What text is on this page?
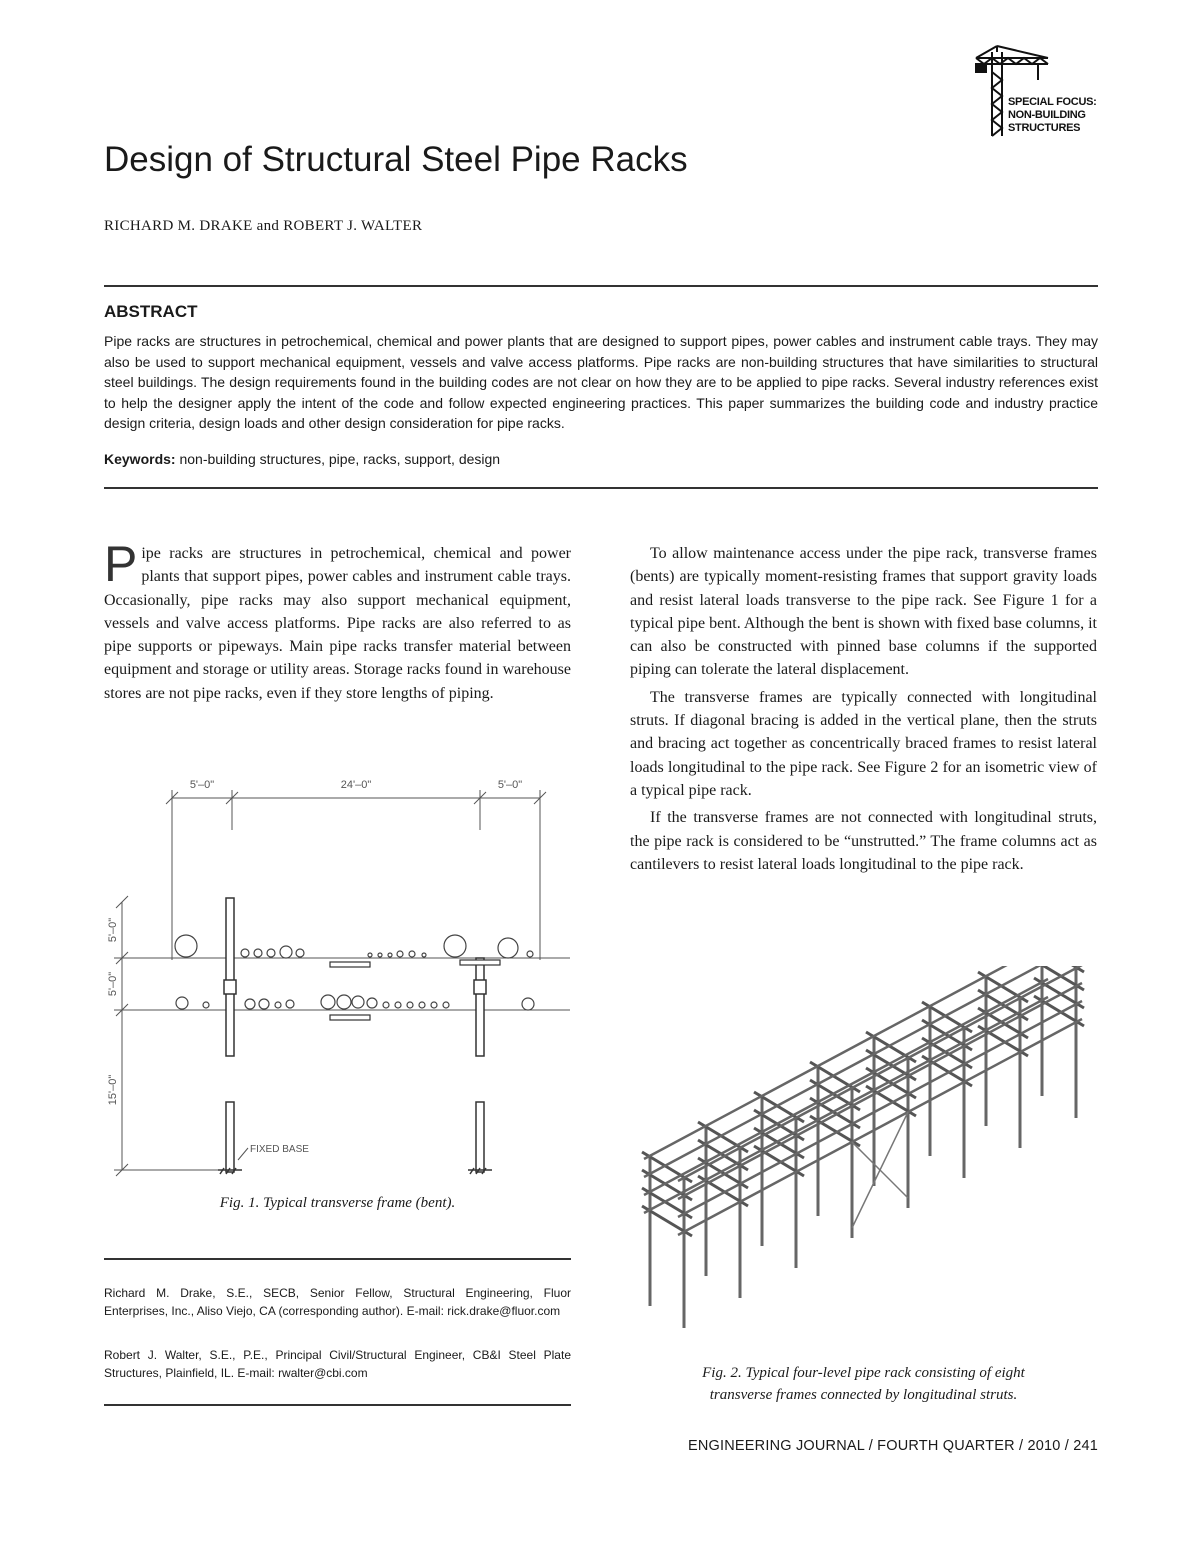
SPECIAL FOCUS:
NON-BUILDING
STRUCTURES
Design of Structural Steel Pipe Racks
RICHARD M. DRAKE and ROBERT J. WALTER
ABSTRACT

Pipe racks are structures in petrochemical, chemical and power plants that are designed to support pipes, power cables and instrument cable trays. They may also be used to support mechanical equipment, vessels and valve access platforms. Pipe racks are non-building structures that have similarities to structural steel buildings. The design requirements found in the building codes are not clear on how they are to be applied to pipe racks. Several industry references exist to help the designer apply the intent of the code and follow expected engineering practices. This paper summarizes the building code and industry practice design criteria, design loads and other design consideration for pipe racks.

Keywords: non-building structures, pipe, racks, support, design

Pipe racks are structures in petrochemical, chemical and power plants that support pipes, power cables and instrument cable trays. Occasionally, pipe racks may also support mechanical equipment, vessels and valve access platforms. Pipe racks are also referred to as pipe supports or pipeways. Main pipe racks transfer material between equipment and storage or utility areas. Storage racks found in warehouse stores are not pipe racks, even if they store lengths of piping.

5'–0"	24'–0"	5'–0"
5'–0"
5'–0"
15'–0"
FIXED BASE
Fig. 1. Typical transverse frame (bent).

Richard M. Drake, S.E., SECB, Senior Fellow, Structural Engineering, Fluor Enterprises, Inc., Aliso Viejo, CA (corresponding author). E-mail: rick.drake@fluor.com

Robert J. Walter, S.E., P.E., Principal Civil/Structural Engineer, CB&I Steel Plate Structures, Plainfield, IL. E-mail: rwalter@cbi.com

To allow maintenance access under the pipe rack, transverse frames (bents) are typically moment-resisting frames that support gravity loads and resist lateral loads transverse to the pipe rack. See Figure 1 for a typical pipe bent. Although the bent is shown with fixed base columns, it can also be constructed with pinned base columns if the supported piping can tolerate the lateral displacement.

The transverse frames are typically connected with longitudinal struts. If diagonal bracing is added in the vertical plane, then the struts and bracing act together as concentrically braced frames to resist lateral loads longitudinal to the pipe rack. See Figure 2 for an isometric view of a typical pipe rack.

If the transverse frames are not connected with longitudinal struts, the pipe rack is considered to be “unstrutted.” The frame columns act as cantilevers to resist lateral loads longitudinal to the pipe rack.

Fig. 2. Typical four-level pipe rack consisting of eight
transverse frames connected by longitudinal struts.
ENGINEERING JOURNAL / FOURTH QUARTER / 2010 / 241
